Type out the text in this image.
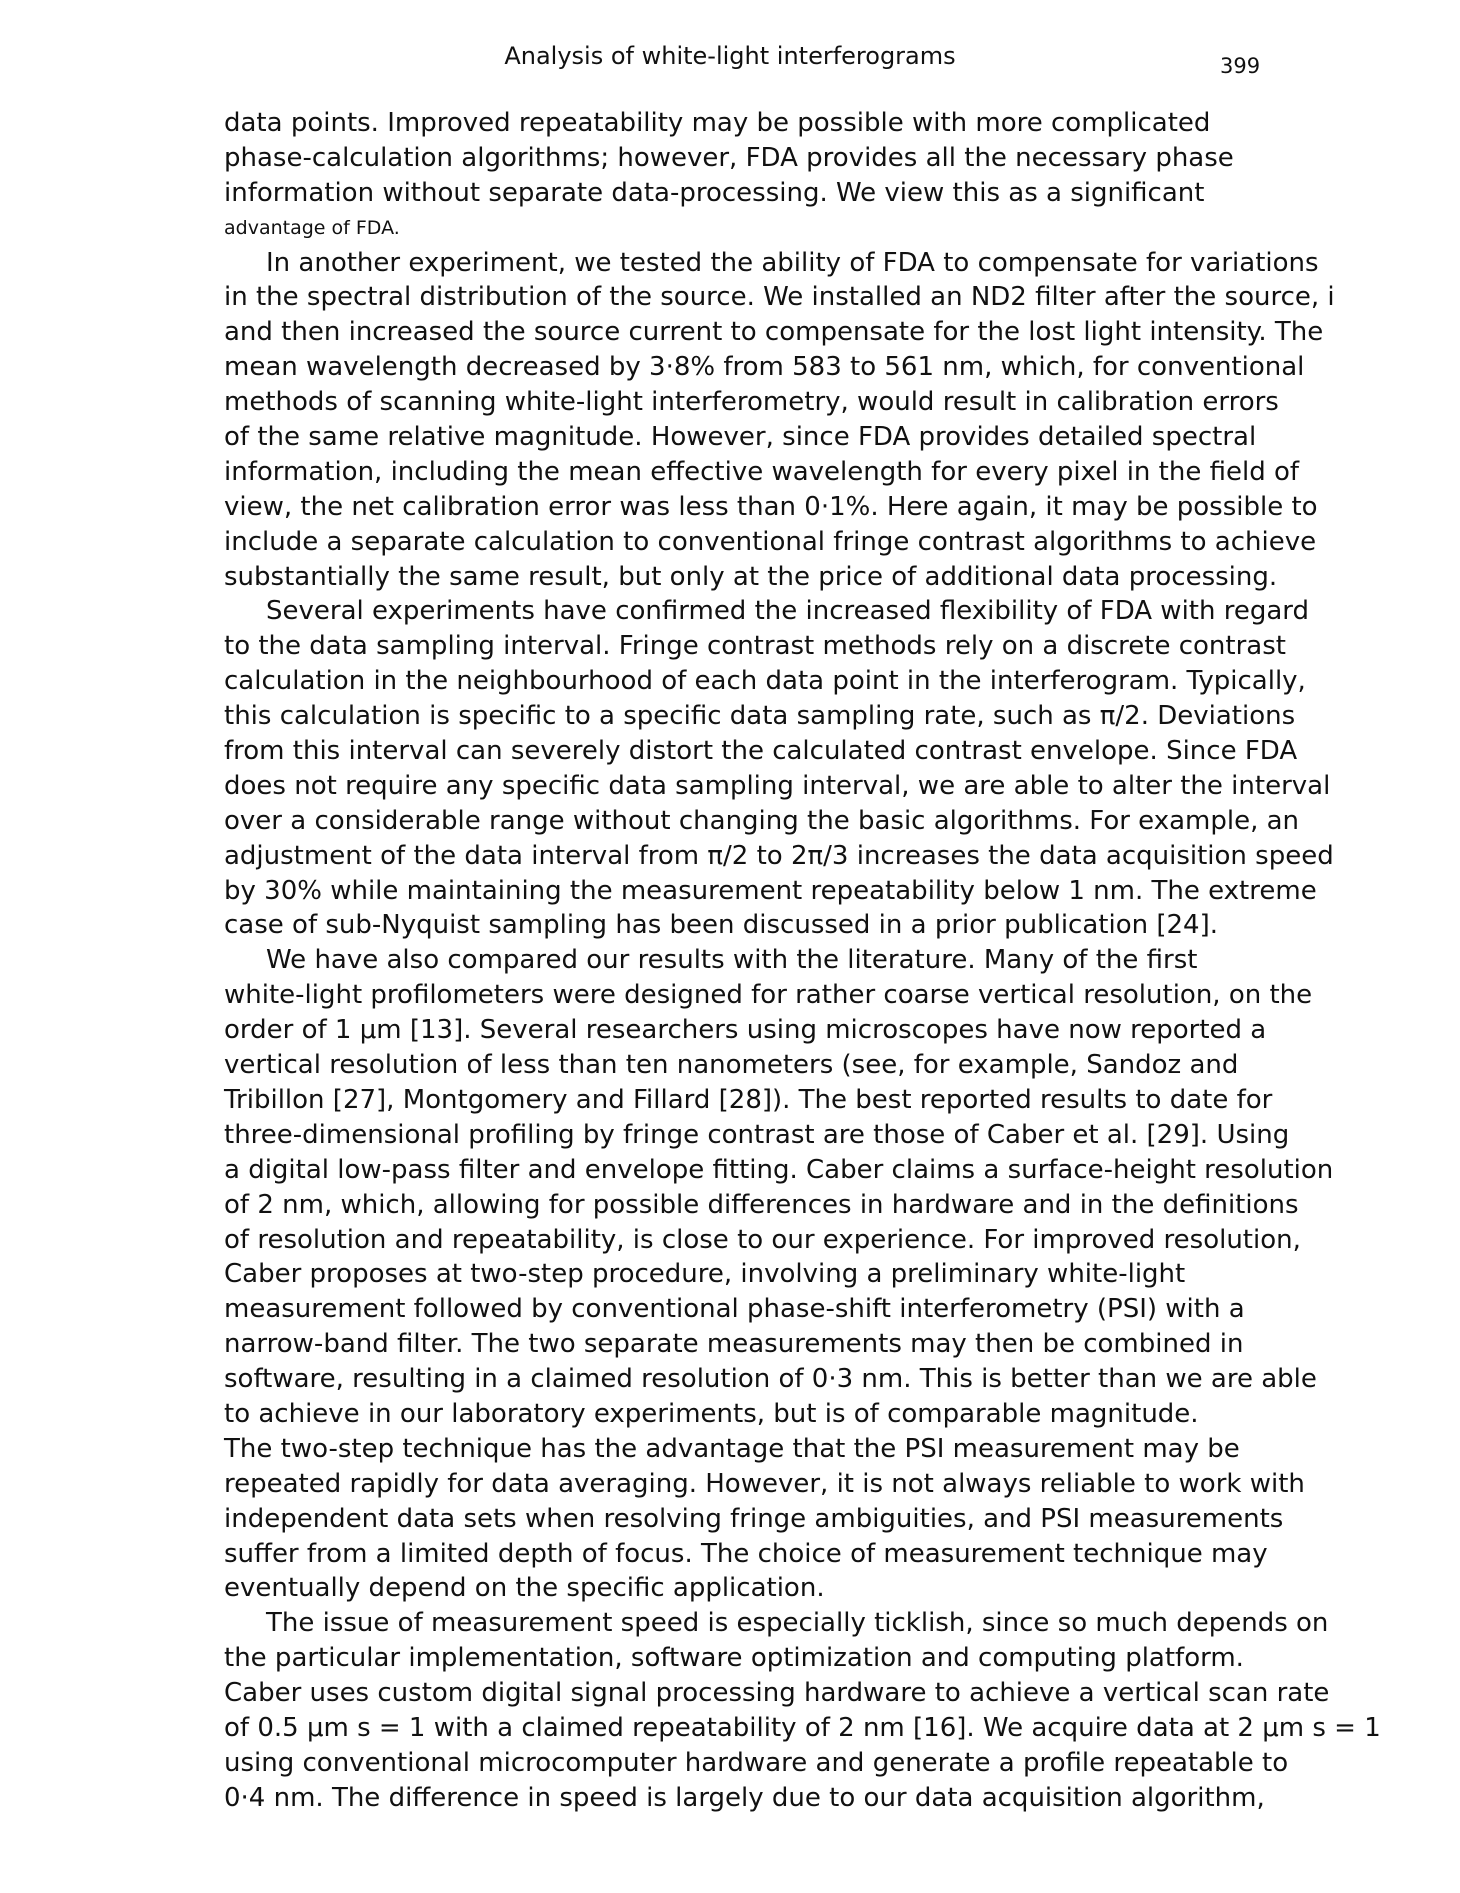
Analysis of white-light interferograms	399
data points. Improved repeatability may be possible with more complicated
phase-calculation algorithms; however, FDA provides all the necessary phase
information without separate data-processing. We view this as a significant
advantage of FDA.
In another experiment, we tested the ability of FDA to compensate for variations
in the spectral distribution of the source. We installed an ND2 filter after the source, i
and then increased the source current to compensate for the lost light intensity. The
mean wavelength decreased by 3·8% from 583 to 561 nm, which, for conventional
methods of scanning white-light interferometry, would result in calibration errors
of the same relative magnitude. However, since FDA provides detailed spectral
information, including the mean effective wavelength for every pixel in the field of
view, the net calibration error was less than 0·1%. Here again, it may be possible to
include a separate calculation to conventional fringe contrast algorithms to achieve
substantially the same result, but only at the price of additional data processing.
Several experiments have confirmed the increased flexibility of FDA with regard
to the data sampling interval. Fringe contrast methods rely on a discrete contrast
calculation in the neighbourhood of each data point in the interferogram. Typically,
this calculation is specific to a specific data sampling rate, such as π/2. Deviations
from this interval can severely distort the calculated contrast envelope. Since FDA
does not require any specific data sampling interval, we are able to alter the interval
over a considerable range without changing the basic algorithms. For example, an
adjustment of the data interval from π/2 to 2π/3 increases the data acquisition speed
by 30% while maintaining the measurement repeatability below 1 nm. The extreme
case of sub-Nyquist sampling has been discussed in a prior publication [24].
We have also compared our results with the literature. Many of the first
white-light profilometers were designed for rather coarse vertical resolution, on the
order of 1 μm [13]. Several researchers using microscopes have now reported a
vertical resolution of less than ten nanometers (see, for example, Sandoz and
Tribillon [27], Montgomery and Fillard [28]). The best reported results to date for
three-dimensional profiling by fringe contrast are those of Caber et al. [29]. Using
a digital low-pass filter and envelope fitting. Caber claims a surface-height resolution
of 2 nm, which, allowing for possible differences in hardware and in the definitions
of resolution and repeatability, is close to our experience. For improved resolution,
Caber proposes at two-step procedure, involving a preliminary white-light
measurement followed by conventional phase-shift interferometry (PSI) with a
narrow-band filter. The two separate measurements may then be combined in
software, resulting in a claimed resolution of 0·3 nm. This is better than we are able
to achieve in our laboratory experiments, but is of comparable magnitude.
The two-step technique has the advantage that the PSI measurement may be
repeated rapidly for data averaging. However, it is not always reliable to work with
independent data sets when resolving fringe ambiguities, and PSI measurements
suffer from a limited depth of focus. The choice of measurement technique may
eventually depend on the specific application.
The issue of measurement speed is especially ticklish, since so much depends on
the particular implementation, software optimization and computing platform.
Caber uses custom digital signal processing hardware to achieve a vertical scan rate
of 0.5 μm s = 1 with a claimed repeatability of 2 nm [16]. We acquire data at 2 μm s = 1
using conventional microcomputer hardware and generate a profile repeatable to
0·4 nm. The difference in speed is largely due to our data acquisition algorithm,
